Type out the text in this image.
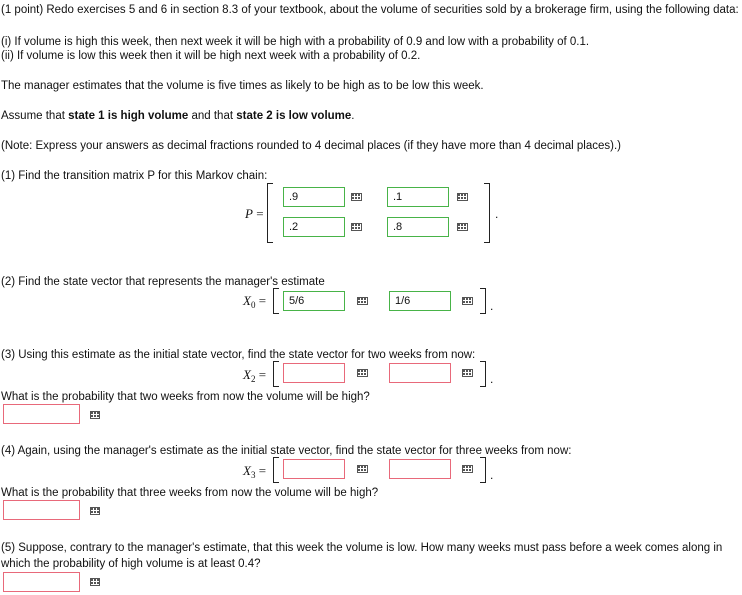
(1 point) Redo exercises 5 and 6 in section 8.3 of your textbook, about the volume of securities sold by a brokerage firm, using the following data:
(i) If volume is high this week, then next week it will be high with a probability of 0.9 and low with a probability of 0.1.
(ii) If volume is low this week then it will be high next week with a probability of 0.2.
The manager estimates that the volume is five times as likely to be high as to be low this week.
Assume that state 1 is high volume and that state 2 is low volume.
(Note: Express your answers as decimal fractions rounded to 4 decimal places (if they have more than 4 decimal places).)
(1) Find the transition matrix P for this Markov chain:
P =
.9	.1
.2	.8
.
(2) Find the state vector that represents the manager's estimate
$X_0$ =	5/6	1/6	.
(3) Using this estimate as the initial state vector, find the state vector for two weeks from now:
$X_2$ =	.
What is the probability that two weeks from now the volume will be high?
(4) Again, using the manager's estimate as the initial state vector, find the state vector for three weeks from now:
$X_3$ =	.
What is the probability that three weeks from now the volume will be high?
(5) Suppose, contrary to the manager's estimate, that this week the volume is low. How many weeks must pass before a week comes along in which the probability of high volume is at least 0.4?
